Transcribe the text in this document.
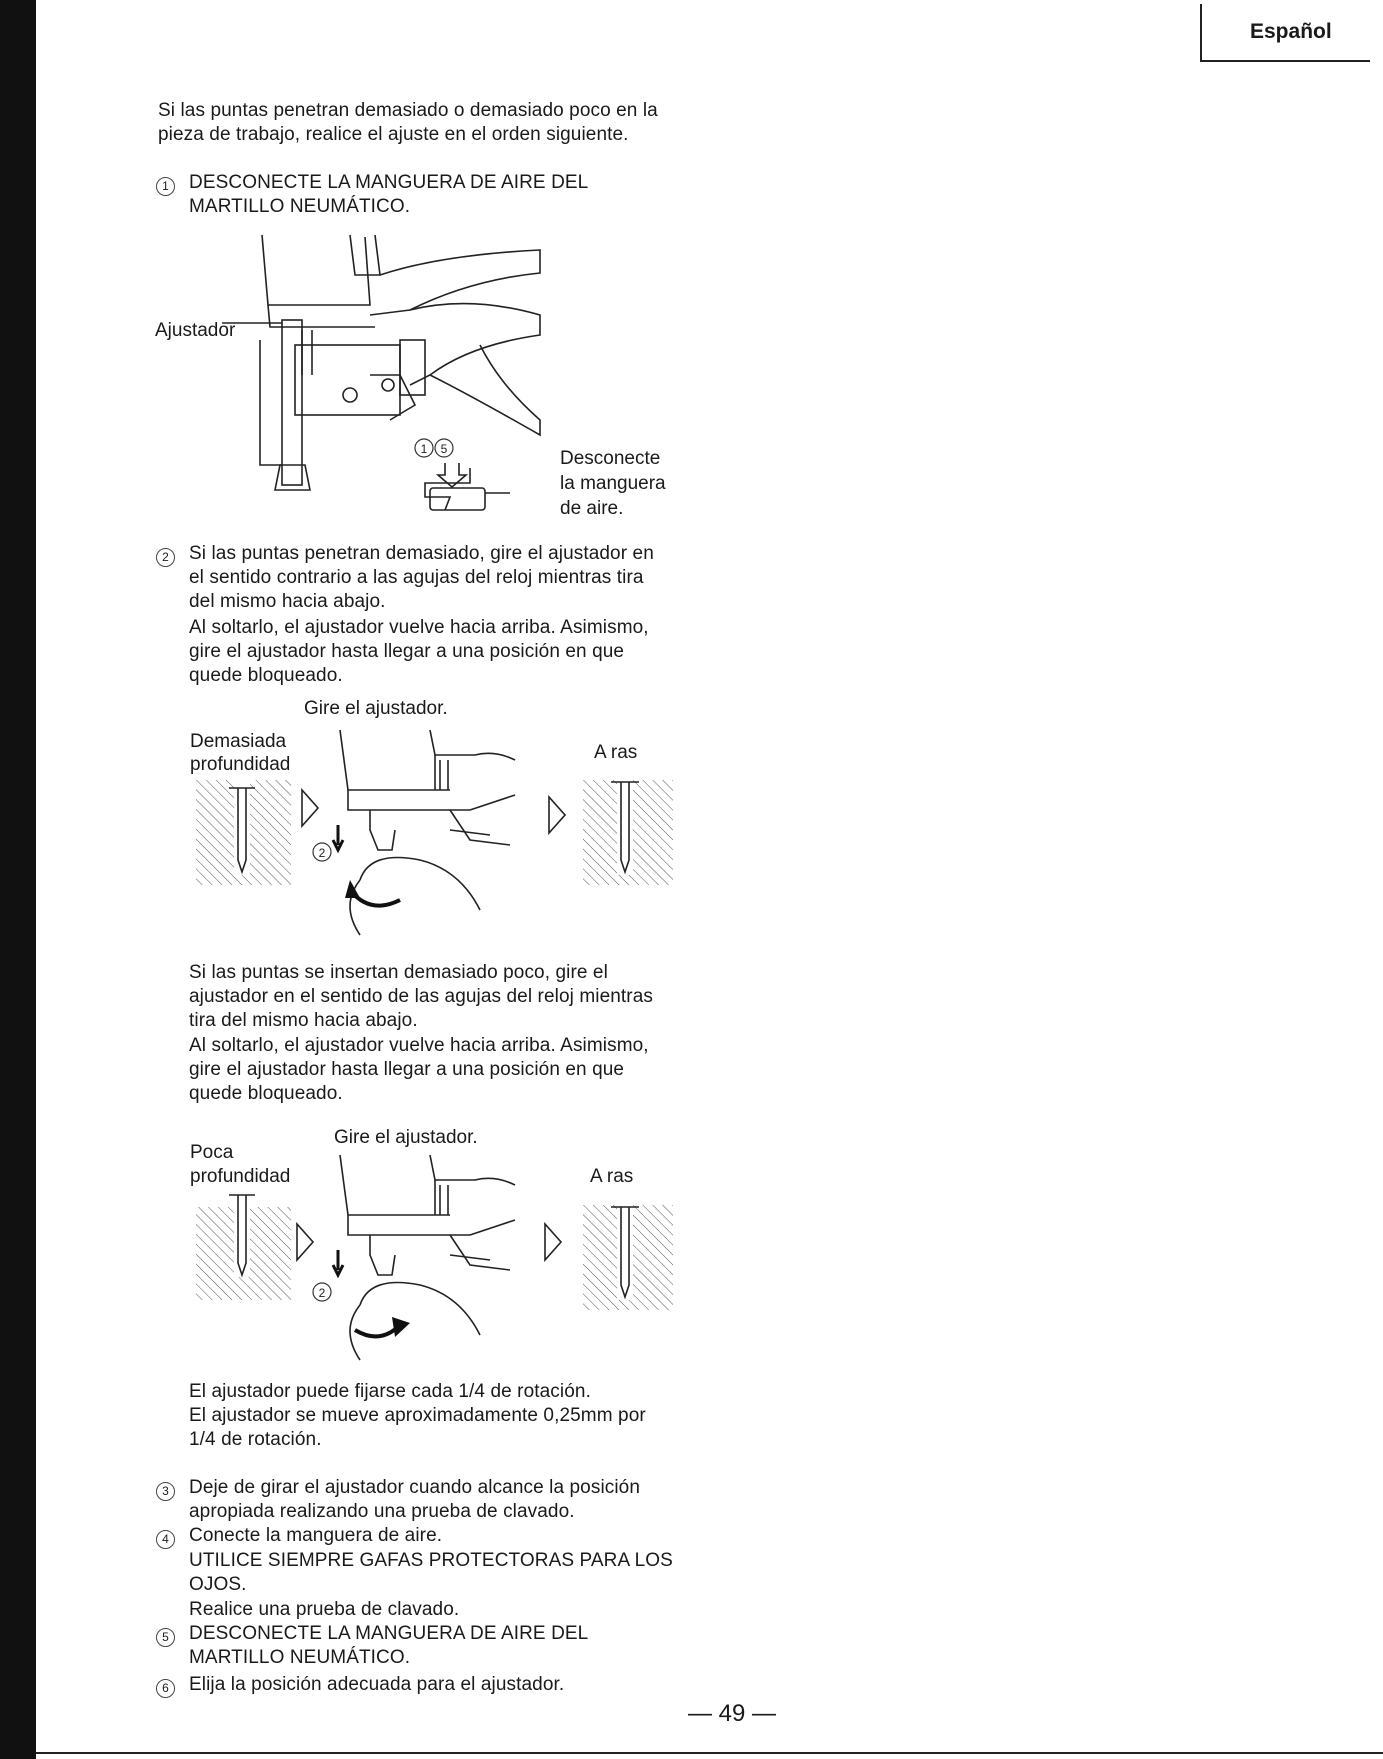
Español
Si las puntas penetran demasiado o demasiado poco en la
pieza de trabajo, realice el ajuste en el orden siguiente.
1	DESCONECTE LA MANGUERA DE AIRE DEL
MARTILLO NEUMÁTICO.
Ajustador
1 5	Desconecte
la manguera
de aire.
2	Si las puntas penetran demasiado, gire el ajustador en
el sentido contrario a las agujas del reloj mientras tira
del mismo hacia abajo.
Al soltarlo, el ajustador vuelve hacia arriba. Asimismo,
gire el ajustador hasta llegar a una posición en que
quede bloqueado.
Gire el ajustador.
Demasiada
profundidad
A ras
2
Si las puntas se insertan demasiado poco, gire el
ajustador en el sentido de las agujas del reloj mientras
tira del mismo hacia abajo.
Al soltarlo, el ajustador vuelve hacia arriba. Asimismo,
gire el ajustador hasta llegar a una posición en que
quede bloqueado.
Gire el ajustador.
Poca
profundidad	A ras
2
El ajustador puede fijarse cada 1/4 de rotación.
El ajustador se mueve aproximadamente 0,25mm por
1/4 de rotación.
3	Deje de girar el ajustador cuando alcance la posición
apropiada realizando una prueba de clavado.
4	Conecte la manguera de aire.
UTILICE SIEMPRE GAFAS PROTECTORAS PARA LOS
OJOS.
Realice una prueba de clavado.
5	DESCONECTE LA MANGUERA DE AIRE DEL
MARTILLO NEUMÁTICO.
6	Elija la posición adecuada para el ajustador.
— 49 —
